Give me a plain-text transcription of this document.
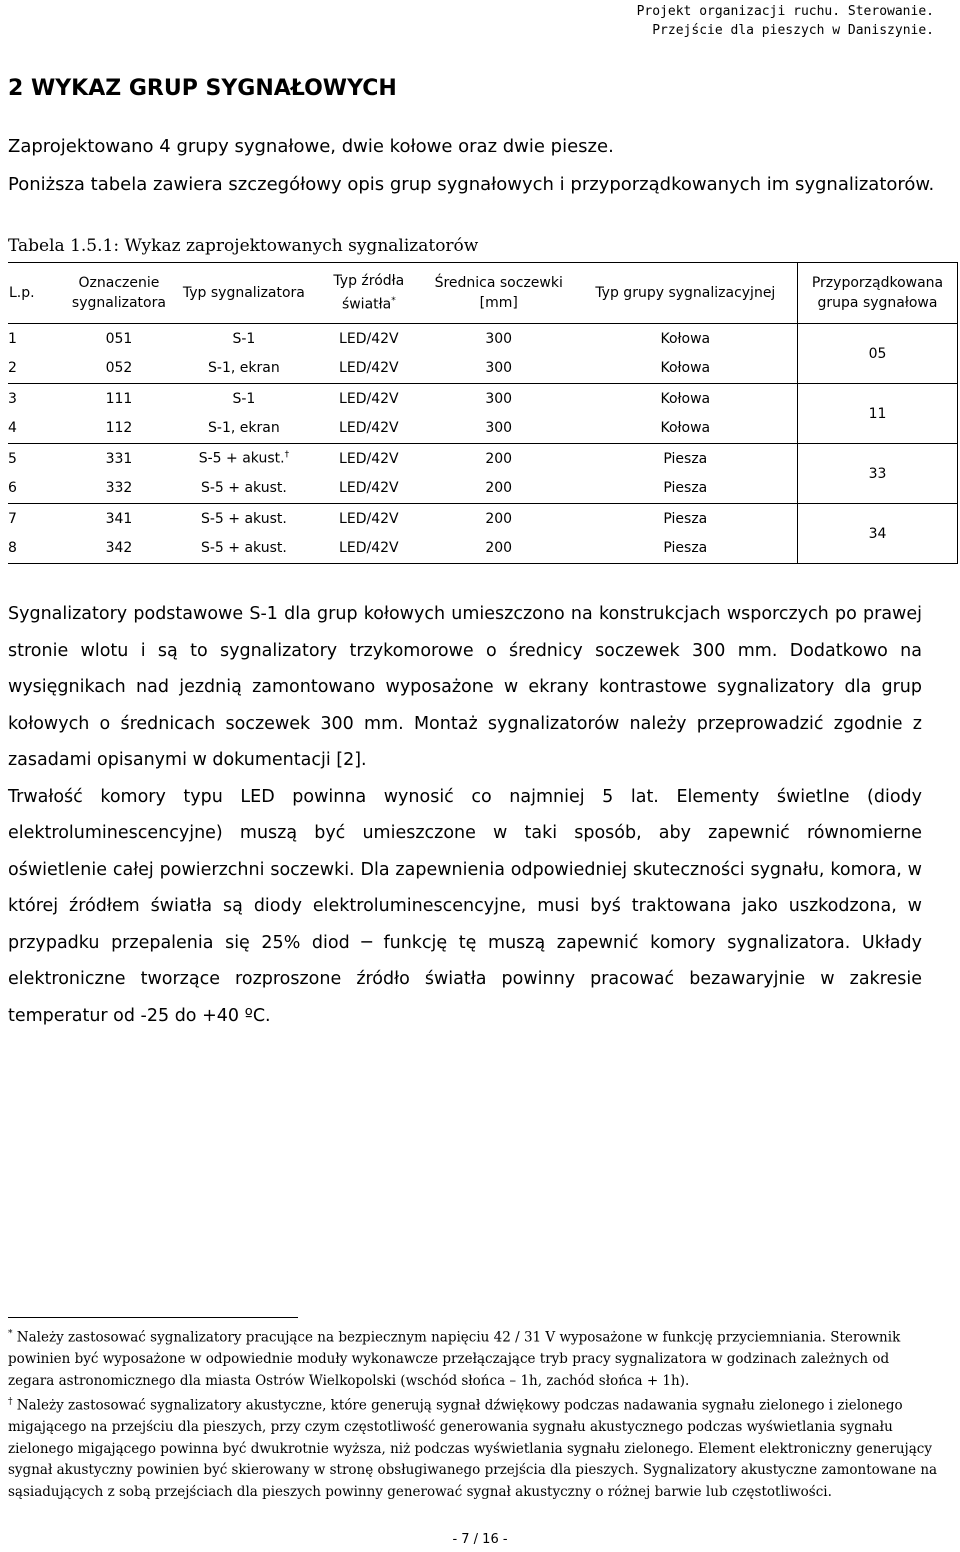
Projekt organizacji ruchu. Sterowanie.
Przejście dla pieszych w Daniszynie.
2 WYKAZ GRUP SYGNAŁOWYCH
Zaprojektowano 4 grupy sygnałowe, dwie kołowe oraz dwie piesze.
Poniższa tabela zawiera szczegółowy opis grup sygnałowych i przyporządkowanych im sygnalizatorów.
Tabela 1.5.1: Wykaz zaprojektowanych sygnalizatorów
L.p.	Oznaczenie sygnalizatora	Typ sygnalizatora	Typ źródła światła*	Średnica soczewki [mm]	Typ grupy sygnalizacyjnej	Przyporządkowana grupa sygnałowa
1	051	S-1	LED/42V	300	Kołowa	05
2	052	S-1, ekran	LED/42V	300	Kołowa	
3	111	S-1	LED/42V	300	Kołowa	11
4	112	S-1, ekran	LED/42V	300	Kołowa	
5	331	S-5 + akust.†	LED/42V	200	Piesza	33
6	332	S-5 + akust.	LED/42V	200	Piesza	
7	341	S-5 + akust.	LED/42V	200	Piesza	34
8	342	S-5 + akust.	LED/42V	200	Piesza	

Sygnalizatory podstawowe S-1 dla grup kołowych umieszczono na konstrukcjach wsporczych po prawej stronie wlotu i są to sygnalizatory trzykomorowe o średnicy soczewek 300 mm. Dodatkowo na wysięgnikach nad jezdnią zamontowano wyposażone w ekrany kontrastowe sygnalizatory dla grup kołowych o średnicach soczewek 300 mm. Montaż sygnalizatorów należy przeprowadzić zgodnie z zasadami opisanymi w dokumentacji [2].

Trwałość komory typu LED powinna wynosić co najmniej 5 lat. Elementy świetlne (diody elektroluminescencyjne) muszą być umieszczone w taki sposób, aby zapewnić równomierne oświetlenie całej powierzchni soczewki. Dla zapewnienia odpowiedniej skuteczności sygnału, komora, w której źródłem światła są diody elektroluminescencyjne, musi byś traktowana jako uszkodzona, w przypadku przepalenia się 25% diod ─ funkcję tę muszą zapewnić komory sygnalizatora. Układy elektroniczne tworzące rozproszone źródło światła powinny pracować bezawaryjnie w zakresie temperatur od -25 do +40 ºC.

* Należy zastosować sygnalizatory pracujące na bezpiecznym napięciu 42 / 31 V wyposażone w funkcję przyciemniania. Sterownik powinien być wyposażone w odpowiednie moduły wykonawcze przełączające tryb pracy sygnalizatora w godzinach zależnych od zegara astronomicznego dla miasta Ostrów Wielkopolski (wschód słońca – 1h, zachód słońca + 1h).

† Należy zastosować sygnalizatory akustyczne, które generują sygnał dźwiękowy podczas nadawania sygnału zielonego i zielonego migającego na przejściu dla pieszych, przy czym częstotliwość generowania sygnału akustycznego podczas wyświetlania sygnału zielonego migającego powinna być dwukrotnie wyższa, niż podczas wyświetlania sygnału zielonego. Element elektroniczny generujący sygnał akustyczny powinien być skierowany w stronę obsługiwanego przejścia dla pieszych. Sygnalizatory akustyczne zamontowane na sąsiadujących z sobą przejściach dla pieszych powinny generować sygnał akustyczny o różnej barwie lub częstotliwości.

- 7 / 16 -
